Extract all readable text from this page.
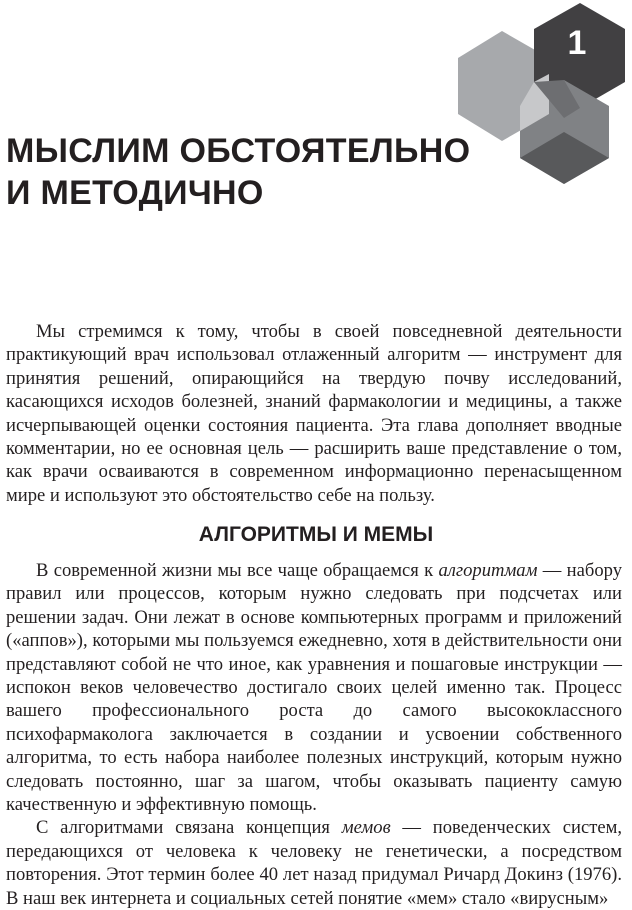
1
МЫСЛИМ ОБСТОЯТЕЛЬНО
И МЕТОДИЧНО

Мы стремимся к тому, чтобы в своей повседневной деятельности практикующий врач использовал отлаженный алгоритм — инструмент для принятия решений, опирающийся на твердую почву исследований, касающихся исходов болезней, знаний фармакологии и медицины, а также исчерпывающей оценки состояния пациента. Эта глава дополняет вводные комментарии, но ее основная цель — расширить ваше представление о том, как врачи осваиваются в современном информационно перенасыщенном мире и используют это обстоятельство себе на пользу.

АЛГОРИТМЫ И МЕМЫ

В современной жизни мы все чаще обращаемся к алгоритмам — набору правил или процессов, которым нужно следовать при подсчетах или решении задач. Они лежат в основе компьютерных программ и приложений («аппов»), которыми мы пользуемся ежедневно, хотя в действительности они представляют собой не что иное, как уравнения и пошаговые инструкции — испокон веков человечество достигало своих целей именно так. Процесс вашего профессионального роста до самого высококлассного психофармаколога заключается в создании и усвоении собственного алгоритма, то есть набора наиболее полезных инструкций, которым нужно следовать постоянно, шаг за шагом, чтобы оказывать пациенту самую качественную и эффективную помощь.

С алгоритмами связана концепция мемов — поведенческих систем, передающихся от человека к человеку не генетически, а посредством повторения. Этот термин более 40 лет назад придумал Ричард Докинз (1976). В наш век интернета и социальных сетей понятие «мем» стало «вирусным»
